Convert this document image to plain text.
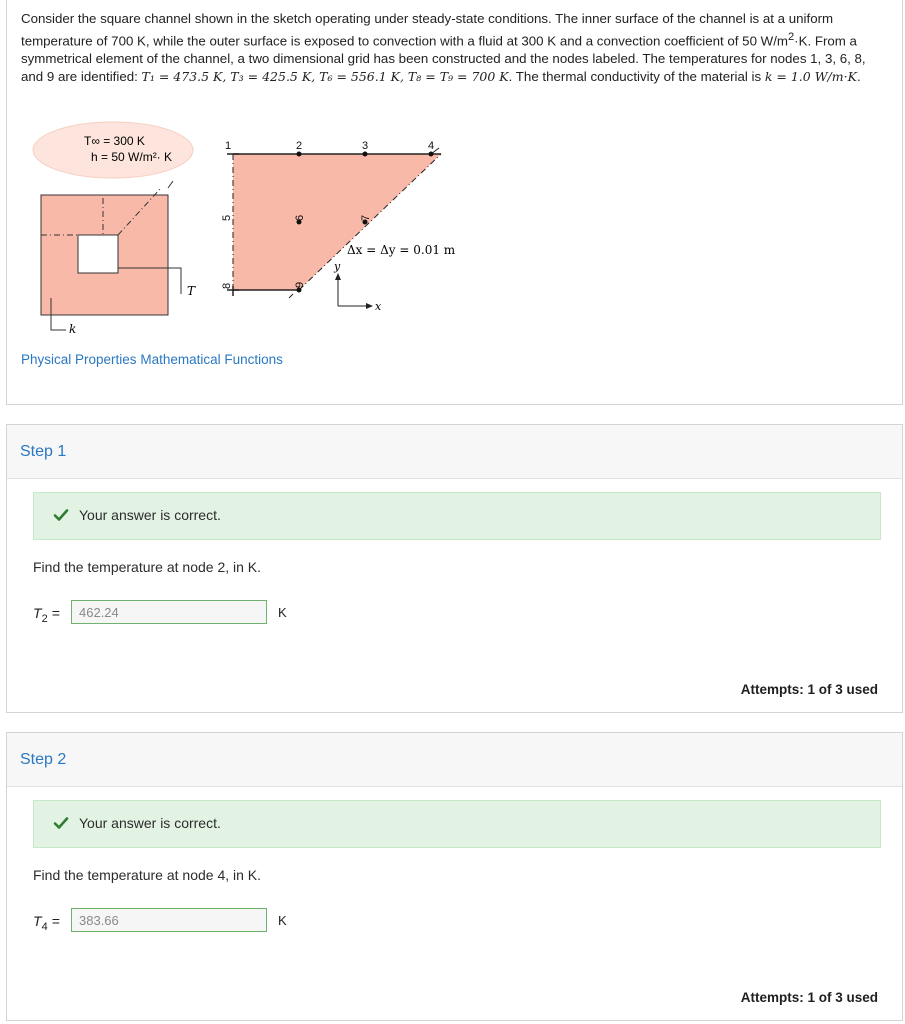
Consider the square channel shown in the sketch operating under steady-state conditions. The inner surface of the channel is at a uniform temperature of 700 K, while the outer surface is exposed to convection with a fluid at 300 K and a convection coefficient of 50 $W/m^2\cdot K$. From a symmetrical element of the channel, a two dimensional grid has been constructed and the nodes labeled. The temperatures for nodes 1, 3, 6, 8, and 9 are identified: T₁ = 473.5 K, T₃ = 425.5 K, T₆ = 556.1 K, T₈ = T₉ = 700 K. The thermal conductivity of the material is k = 1.0 W/m·K.
T∞ = 300 K
h = 50 W/m²· K
T
k
1	2	3	4
5	6	7
8	9
Δx = Δy = 0.01 m
y
x
Physical Properties Mathematical Functions
Step 1
Your answer is correct.
Find the temperature at node 2, in K.
$T_2$ =
462.24	K
Attempts: 1 of 3 used
Step 2
Your answer is correct.
Find the temperature at node 4, in K.
$T_4$ =
383.66	K
Attempts: 1 of 3 used
